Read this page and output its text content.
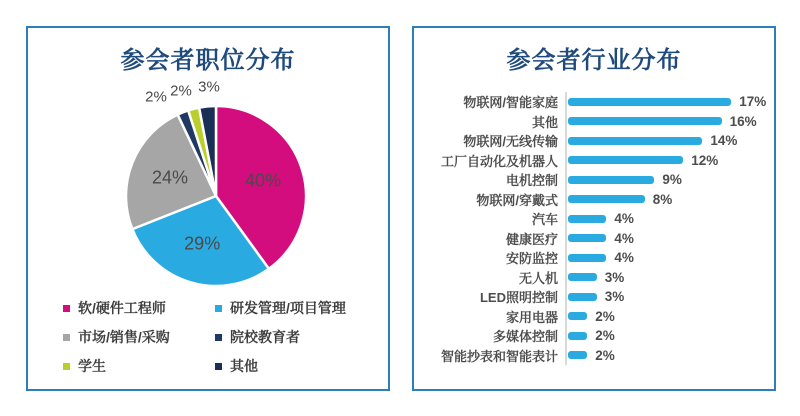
参会者职位分布
40%
29%
24%
2% 2% 3%
软/硬件工程师	研发管理/项目管理
市场/销售/采购	院校教育者
学生	其他
参会者行业分布
物联网/智能家庭	17%
其他	16%
物联网/无线传输	14%
工厂自动化及机器人	12%
电机控制	9%
物联网/穿戴式	8%
汽车	4%
健康医疗	4%
安防监控	4%
无人机	3%
LED照明控制	3%
家用电器	2%
多媒体控制	2%
智能抄表和智能表计	2%
